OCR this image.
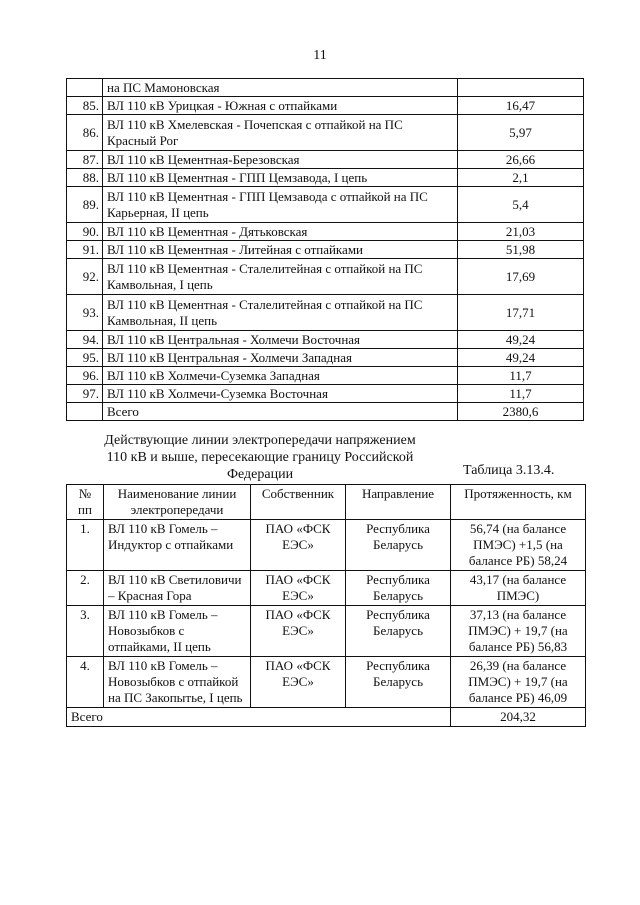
11
	на ПС Мамоновская	
85.	ВЛ 110 кВ Урицкая - Южная с отпайками	16,47
86.	ВЛ 110 кВ Хмелевская - Почепская с отпайкой на ПС Красный Рог	5,97
87.	ВЛ 110 кВ Цементная-Березовская	26,66
88.	ВЛ 110 кВ Цементная - ГПП Цемзавода, I цепь	2,1
89.	ВЛ 110 кВ Цементная - ГПП Цемзавода с отпайкой на ПС Карьерная, II цепь	5,4
90.	ВЛ 110 кВ Цементная - Дятьковская	21,03
91.	ВЛ 110 кВ Цементная - Литейная с отпайками	51,98
92.	ВЛ 110 кВ Цементная - Сталелитейная с отпайкой на ПС Камвольная, I цепь	17,69
93.	ВЛ 110 кВ Цементная - Сталелитейная с отпайкой на ПС Камвольная, II цепь	17,71
94.	ВЛ 110 кВ Центральная - Холмечи Восточная	49,24
95.	ВЛ 110 кВ Центральная - Холмечи Западная	49,24
96.	ВЛ 110 кВ Холмечи-Суземка Западная	11,7
97.	ВЛ 110 кВ Холмечи-Суземка Восточная	11,7
	Всего	2380,6
Действующие линии электропередачи напряжением
110 кВ и выше, пересекающие границу Российской
Федерации	Таблица 3.13.4.
№ пп	Наименование линии электропередачи	Собственник	Направление	Протяженность, км
1.	ВЛ 110 кВ Гомель – Индуктор с отпайками	ПАО «ФСК ЕЭС»	Республика Беларусь	56,74 (на балансе ПМЭС) +1,5 (на балансе РБ) 58,24
2.	ВЛ 110 кВ Светиловичи – Красная Гора	ПАО «ФСК ЕЭС»	Республика Беларусь	43,17 (на балансе ПМЭС)
3.	ВЛ 110 кВ Гомель – Новозыбков с отпайками, II цепь	ПАО «ФСК ЕЭС»	Республика Беларусь	37,13 (на балансе ПМЭС) + 19,7 (на балансе РБ) 56,83
4.	ВЛ 110 кВ Гомель – Новозыбков с отпайкой на ПС Закопытье, I цепь	ПАО «ФСК ЕЭС»	Республика Беларусь	26,39 (на балансе ПМЭС) + 19,7 (на балансе РБ) 46,09
Всего				204,32
